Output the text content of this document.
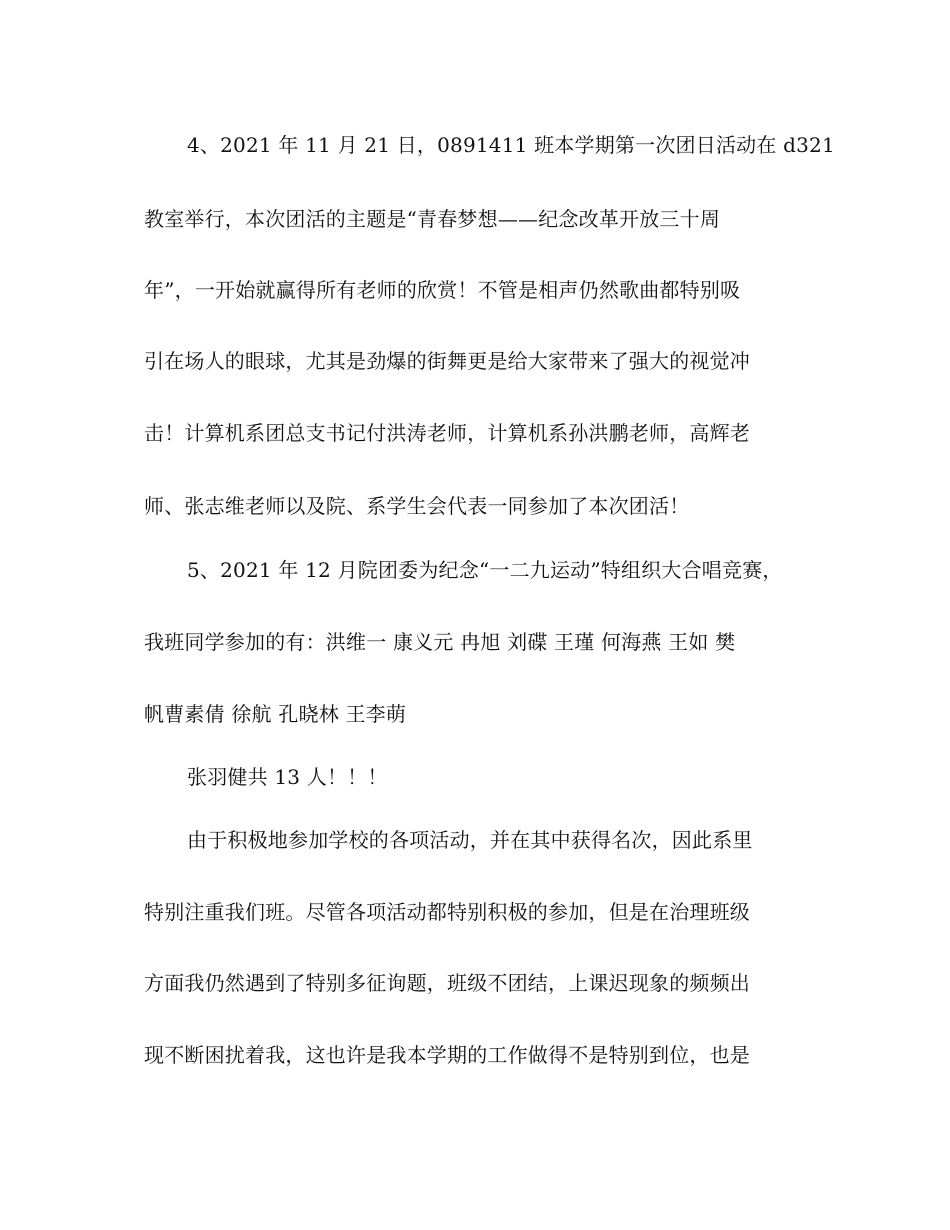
4、2021 年 11 月 21 日，0891411 班本学期第一次团日活动在 d321
教室举行，本次团活的主题是“青春梦想——纪念改革开放三十周
年”，一开始就赢得所有老师的欣赏！不管是相声仍然歌曲都特别吸
引在场人的眼球，尤其是劲爆的街舞更是给大家带来了强大的视觉冲
击！计算机系团总支书记付洪涛老师，计算机系孙洪鹏老师，高辉老
师、张志维老师以及院、系学生会代表一同参加了本次团活！
5、2021 年 12 月院团委为纪念“一二九运动”特组织大合唱竞赛，
我班同学参加的有：洪维一 康义元 冉旭 刘碟 王瑾 何海燕 王如 樊
帆曹素倩 徐航 孔晓林 王李萌
张羽健共 13 人！！！
由于积极地参加学校的各项活动，并在其中获得名次，因此系里
特别注重我们班。尽管各项活动都特别积极的参加，但是在治理班级
方面我仍然遇到了特别多征询题，班级不团结，上课迟现象的频频出
现不断困扰着我，这也许是我本学期的工作做得不是特别到位，也是
